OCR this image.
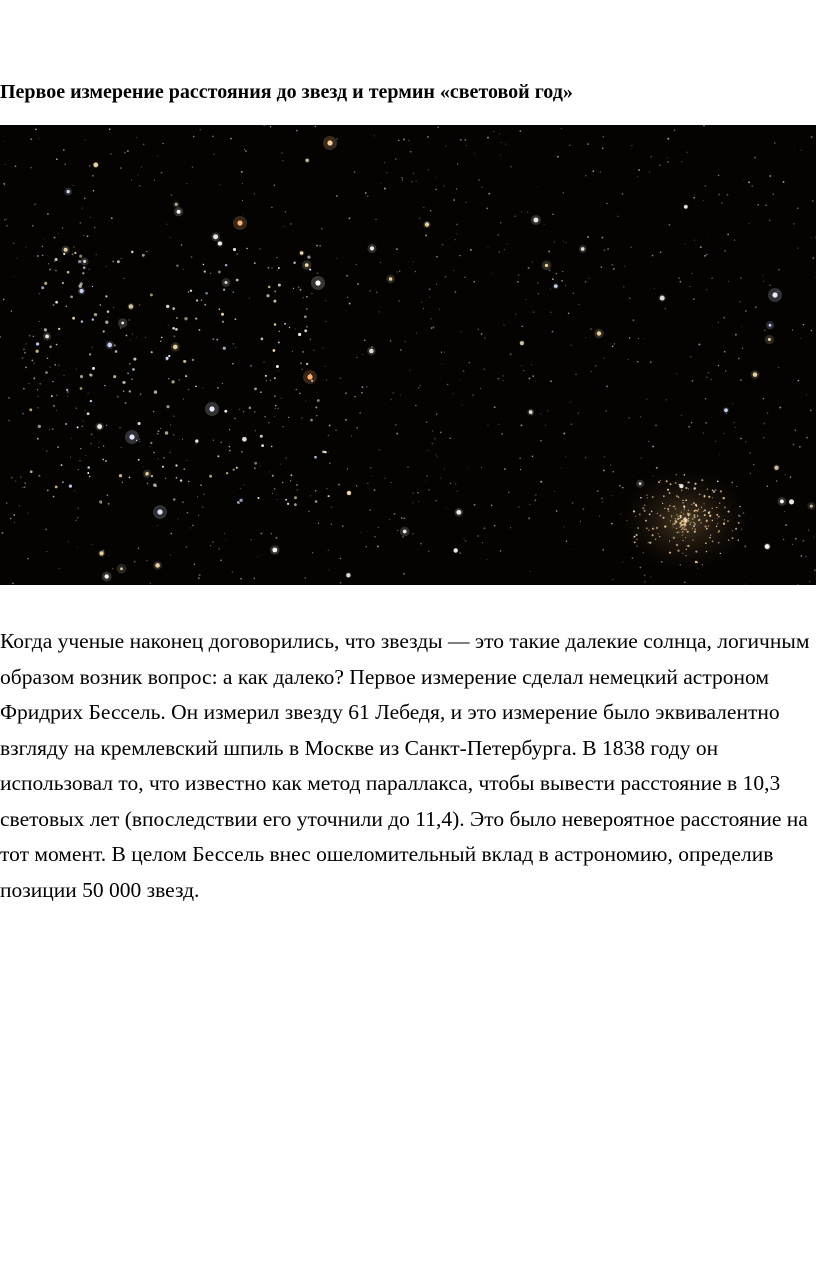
Первое измерение расстояния до звезд и термин «световой год»

Когда ученые наконец договорились, что звезды — это такие далекие солнца, логичным образом возник вопрос: а как далеко? Первое измерение сделал немецкий астроном Фридрих Бессель. Он измерил звезду 61 Лебедя, и это измерение было эквивалентно взгляду на кремлевский шпиль в Москве из Санкт-Петербурга. В 1838 году он использовал то, что известно как метод параллакса, чтобы вывести расстояние в 10,3 световых лет (впоследствии его уточнили до 11,4). Это было невероятное расстояние на тот момент. В целом Бессель внес ошеломительный вклад в астрономию, определив позиции 50 000 звезд.
